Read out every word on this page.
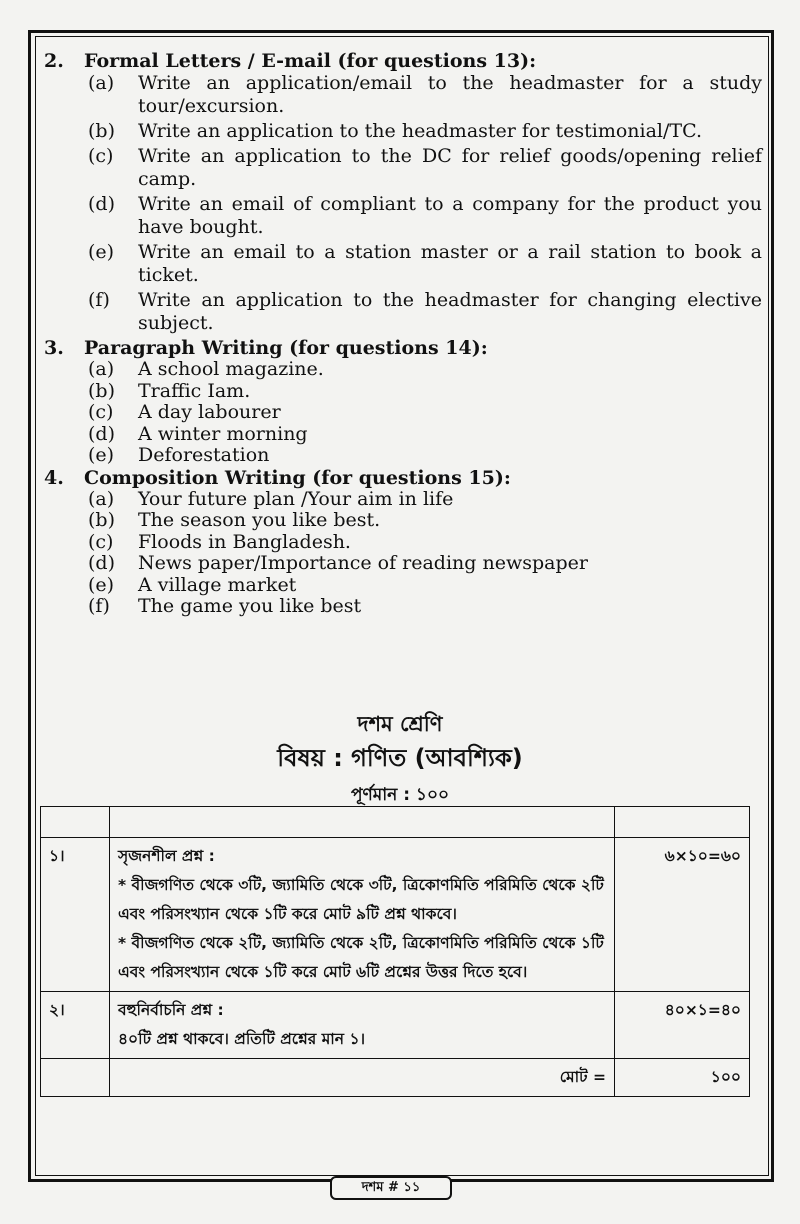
2.	Formal Letters / E-mail (for questions 13):
(a)	Write an application/email to the headmaster for a study tour/excursion.
(b)	Write an application to the headmaster for testimonial/TC.
(c)	Write an application to the DC for relief goods/opening relief camp.
(d)	Write an email of compliant to a company for the product you have bought.
(e)	Write an email to a station master or a rail station to book a ticket.
(f)	Write an application to the headmaster for changing elective subject.
3.	Paragraph Writing (for questions 14):
(a)	A school magazine.
(b)	Traffic Iam.
(c)	A day labourer
(d)	A winter morning
(e)	Deforestation
4.	Composition Writing (for questions 15):
(a)	Your future plan /Your aim in life
(b)	The season you like best.
(c)	Floods in Bangladesh.
(d)	News paper/Importance of reading newspaper
(e)	A village market
(f)	The game you like best
দশম শ্রেণি
বিষয় : গণিত (আবশ্যিক)
পূর্ণমান : ১০০

১।	সৃজনশীল প্রশ্ন :
* বীজগণিত থেকে ৩টি, জ্যামিতি থেকে ৩টি, ত্রিকোণমিতি পরিমিতি থেকে ২টি এবং পরিসংখ্যান থেকে ১টি করে মোট ৯টি প্রশ্ন থাকবে।
* বীজগণিত থেকে ২টি, জ্যামিতি থেকে ২টি, ত্রিকোণমিতি পরিমিতি থেকে ১টি এবং পরিসংখ্যান থেকে ১টি করে মোট ৬টি প্রশ্নের উত্তর দিতে হবে।	৬×১০=৬০
২।	বহুনির্বাচনি প্রশ্ন :
৪০টি প্রশ্ন থাকবে। প্রতিটি প্রশ্নের মান ১।	৪০×১=৪০
	মোট =	১০০
দশম # ১১
